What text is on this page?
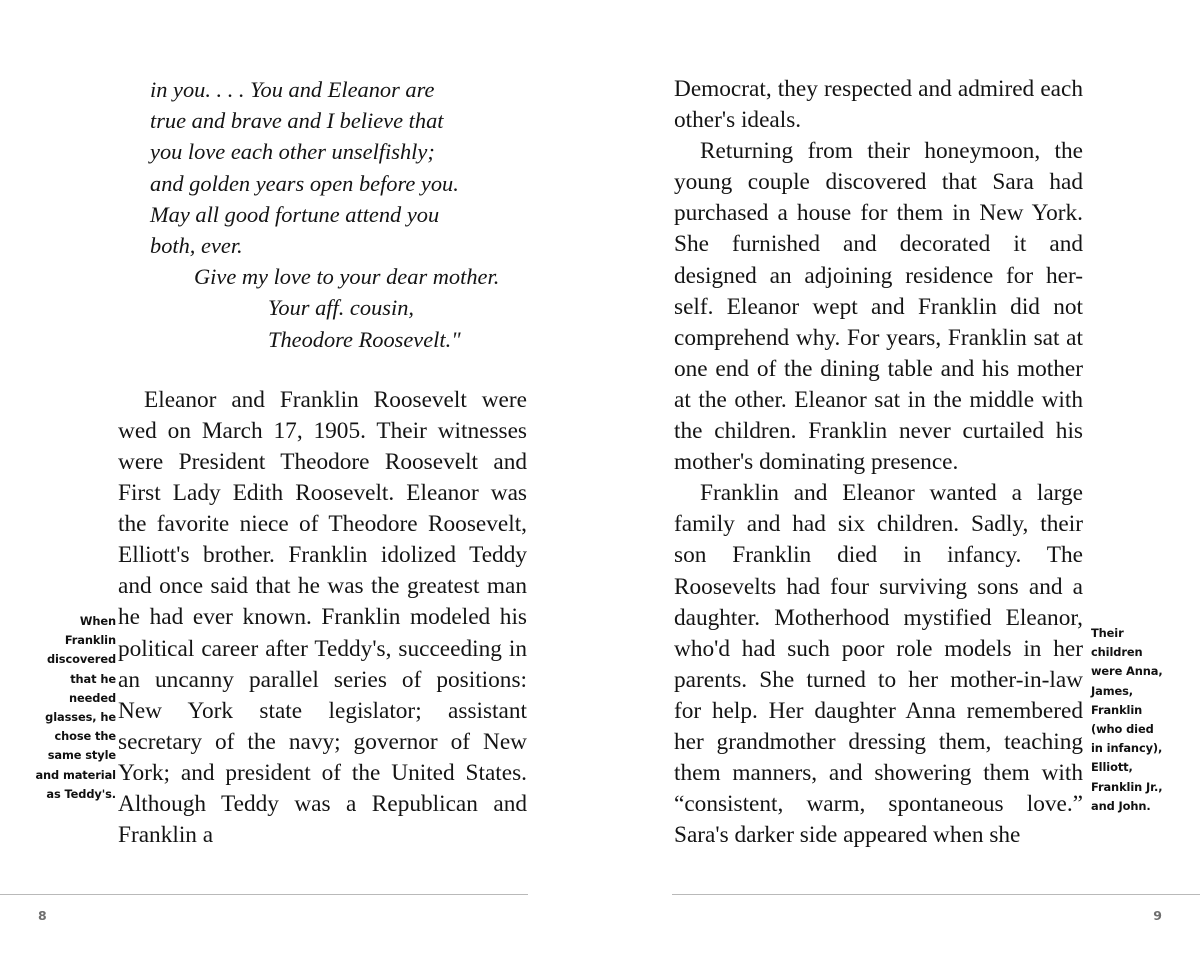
in you. . . . You and Eleanor are
true and brave and I believe that
you love each other unselfishly;
and golden years open before you.
May all good fortune attend you
both, ever.
Give my love to your dear mother.
Your aff. cousin,
Theodore Roosevelt."

Eleanor and Franklin Roosevelt were wed on March 17, 1905. Their witnesses were President Theodore Roosevelt and First Lady Edith Roosevelt. Eleanor was the favorite niece of Theodore Roosevelt, Elliott's brother. Franklin idolized Teddy and once said that he was the greatest man he had ever known. Franklin modeled his political career after Teddy's, succeeding in an uncanny parallel series of positions: New York state legislator; assistant secretary of the navy; governor of New York; and president of the United States. Although Teddy was a Republican and Franklin a

When
Franklin
discovered
that he
needed
glasses, he
chose the
same style
and material
as Teddy's.

Democrat, they respected and admired each other's ideals.

Returning from their honeymoon, the young couple discovered that Sara had purchased a house for them in New York. She furnished and decorated it and designed an adjoining residence for her-self. Eleanor wept and Franklin did not comprehend why. For years, Franklin sat at one end of the dining table and his mother at the other. Eleanor sat in the middle with the children. Franklin never curtailed his mother's dominating presence.

Franklin and Eleanor wanted a large family and had six children. Sadly, their son Franklin died in infancy. The Roosevelts had four surviving sons and a daughter. Motherhood mystified Eleanor, who'd had such poor role models in her parents. She turned to her mother-in-law for help. Her daughter Anna remembered her grandmother dressing them, teaching them manners, and showering them with “consistent, warm, spontaneous love.” Sara's darker side appeared when she

Their
children
were Anna,
James,
Franklin
(who died
in infancy),
Elliott,
Franklin Jr.,
and John.
8	9
